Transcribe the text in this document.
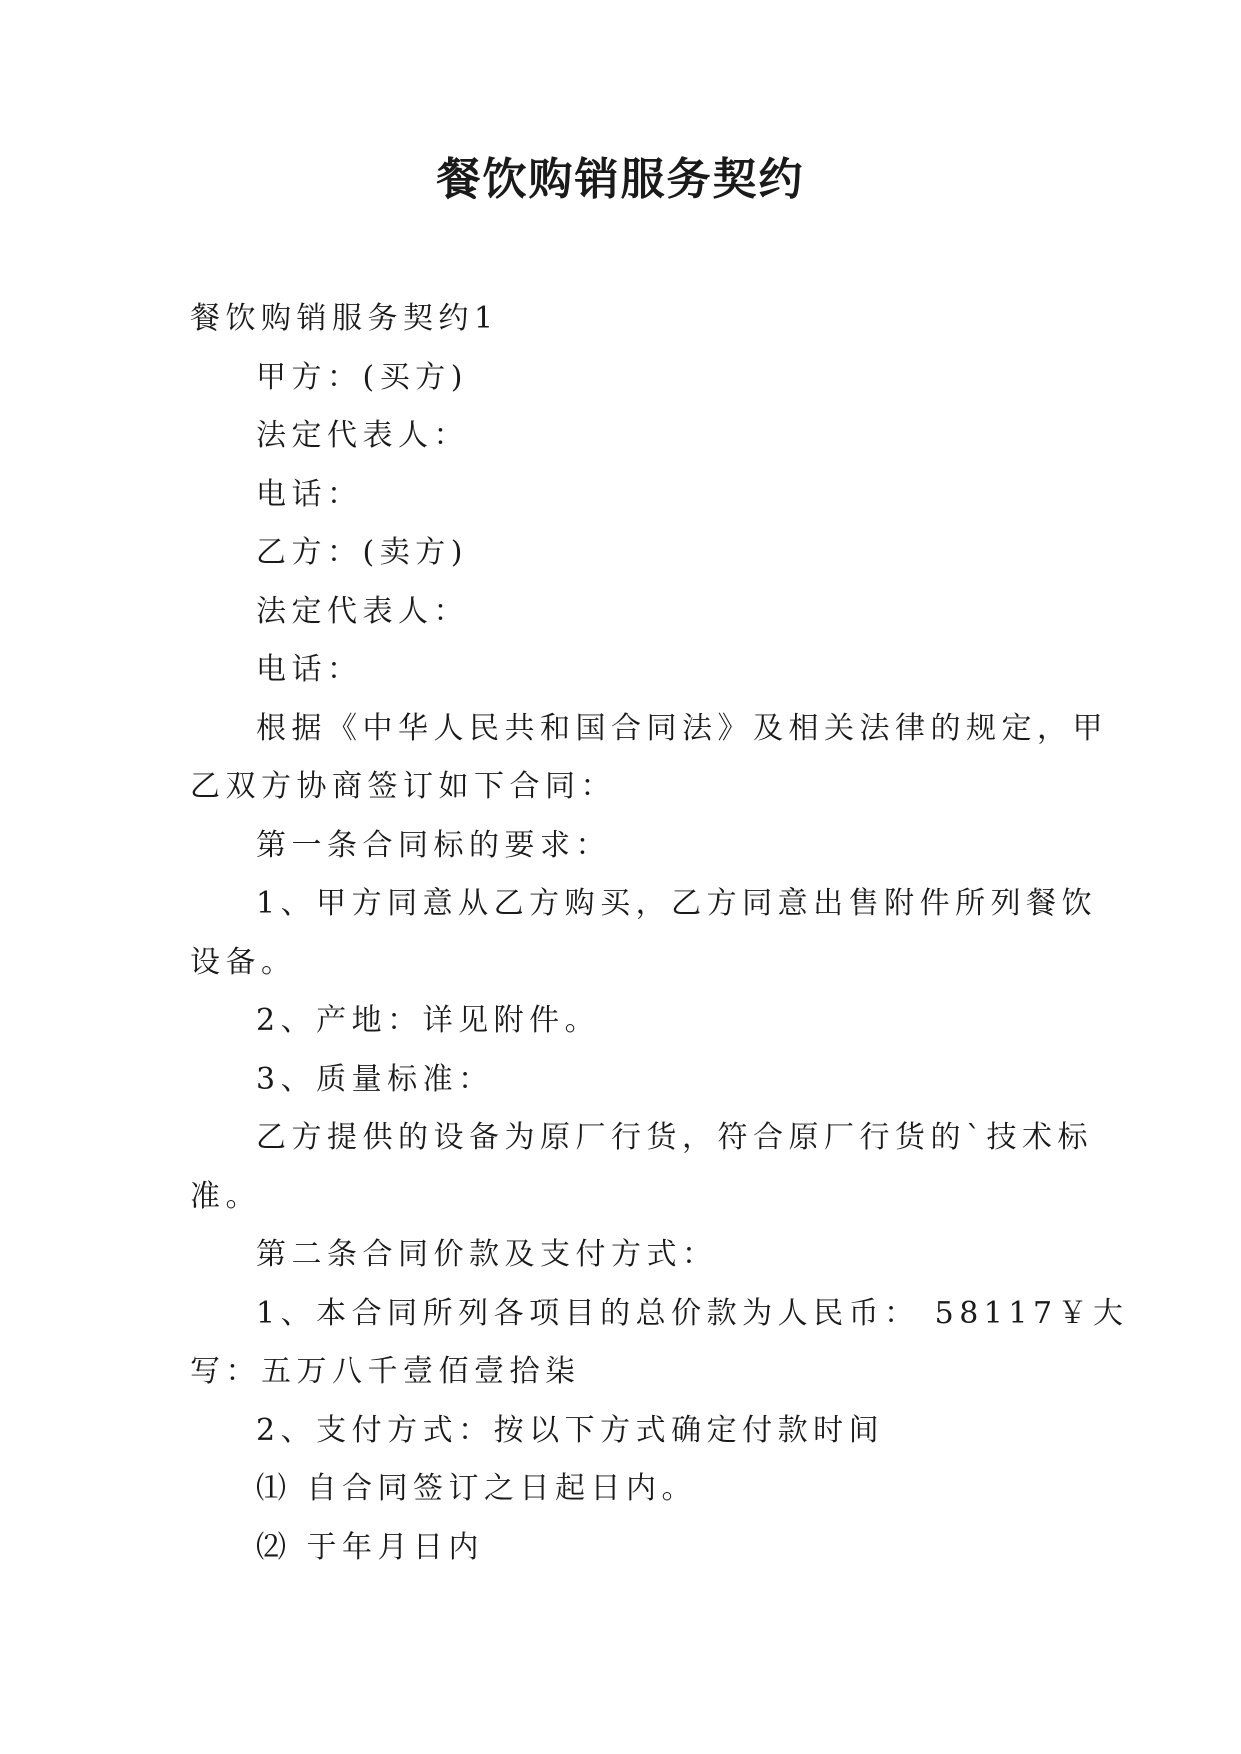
餐饮购销服务契约

餐饮购销服务契约1

甲方：(买方)

法定代表人：

电话：

乙方：(卖方)

法定代表人：

电话：

根据《中华人民共和国合同法》及相关法律的规定，甲

乙双方协商签订如下合同：

第一条合同标的要求：

1、甲方同意从乙方购买，乙方同意出售附件所列餐饮

设备。

2、产地：详见附件。

3、质量标准：

乙方提供的设备为原厂行货，符合原厂行货的`技术标

准。

第二条合同价款及支付方式：

1、本合同所列各项目的总价款为人民币： 58117￥大

写：五万八千壹佰壹拾柒

2、支付方式：按以下方式确定付款时间

⑴ 自合同签订之日起日内。

⑵ 于年月日内
